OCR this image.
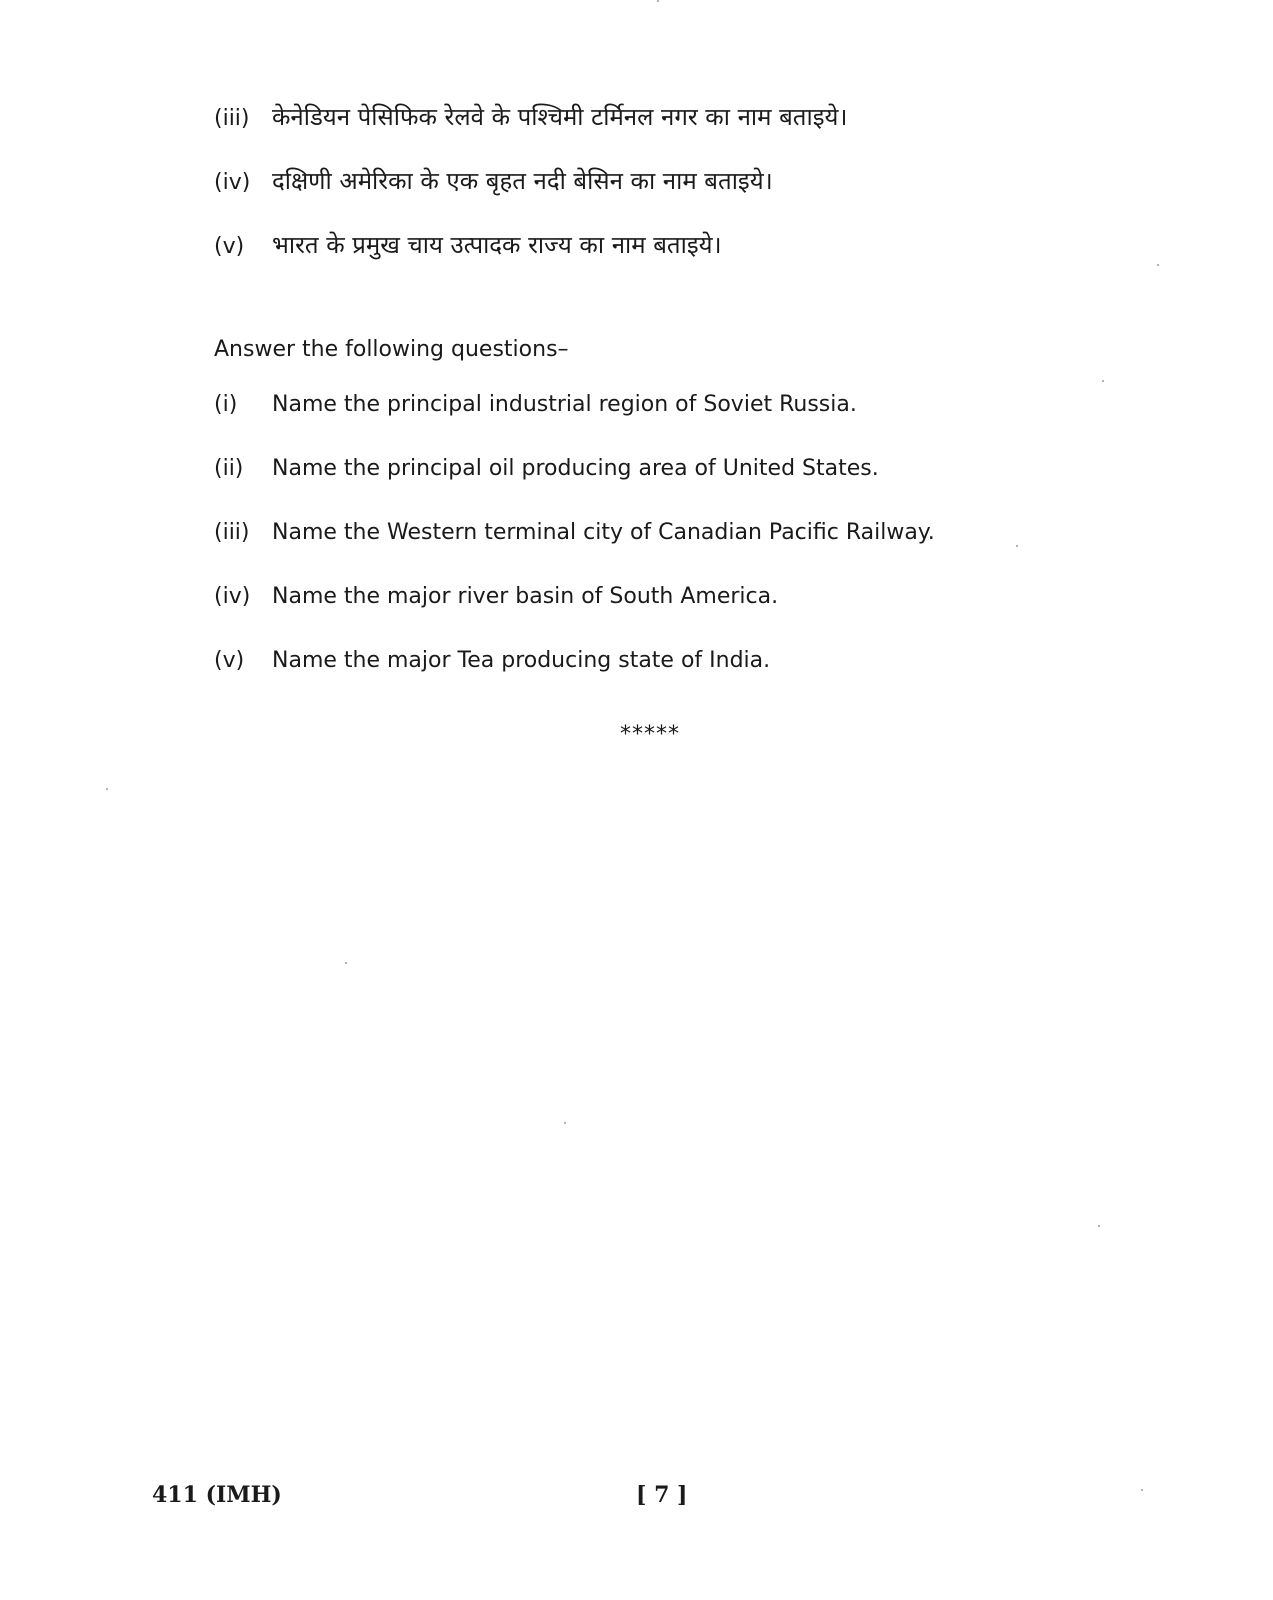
(iii) केनेडियन पेसिफिक रेलवे के पश्चिमी टर्मिनल नगर का नाम बताइये।
(iv) दक्षिणी अमेरिका के एक बृहत नदी बेसिन का नाम बताइये।
(v)	भारत के प्रमुख चाय उत्पादक राज्य का नाम बताइये।
Answer the following questions–
(i)	Name the principal industrial region of Soviet Russia.
(ii)	Name the principal oil producing area of United States.
(iii)	Name the Western terminal city of Canadian Pacific Railway.
(iv) Name the major river basin of South America.
(v)	Name the major Tea producing state of India.
*****
411 (IMH)	[ 7 ]
